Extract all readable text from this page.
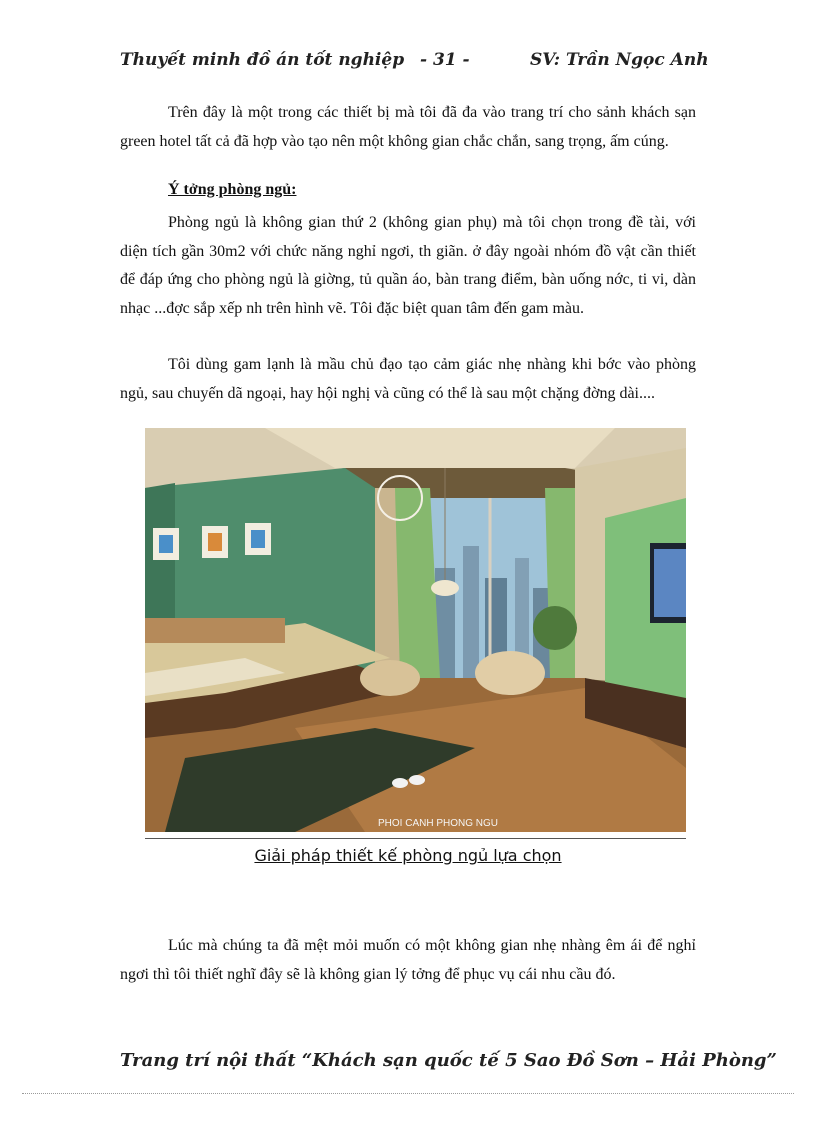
Thuyết minh đồ án tốt nghiệp - 31 -	SV: Trần Ngọc Anh

Trên đây là một trong các thiết bị mà tôi đã đa vào trang trí cho sảnh khách sạn green hotel tất cả đã hợp vào tạo nên một không gian chắc chắn, sang trọng, ấm cúng.

Ý tởng phòng ngủ:

Phòng ngủ là không gian thứ 2 (không gian phụ) mà tôi chọn trong đề tài, với diện tích gần 30m2 với chức năng nghỉ ngơi, th giãn. ở đây ngoài nhóm đồ vật cần thiết để đáp ứng cho phòng ngủ là giờng, tủ quần áo, bàn trang điểm, bàn uống nớc, ti vi, dàn nhạc ...đợc sắp xếp nh trên hình vẽ. Tôi đặc biệt quan tâm đến gam màu.

Tôi dùng gam lạnh là mầu chủ đạo tạo cảm giác nhẹ nhàng khi bớc vào phòng ngủ, sau chuyến dã ngoại, hay hội nghị và cũng có thể là sau một chặng đờng dài....

PHOI CANH PHONG NGU
Giải pháp thiết kế phòng ngủ lựa chọn

Lúc mà chúng ta đã mệt mỏi muốn có một không gian nhẹ nhàng êm ái để nghỉ ngơi thì tôi thiết nghĩ đây sẽ là không gian lý tởng để phục vụ cái nhu cầu đó.

Trang trí nội thất “Khách sạn quốc tế 5 Sao Đồ Sơn – Hải Phòng”
